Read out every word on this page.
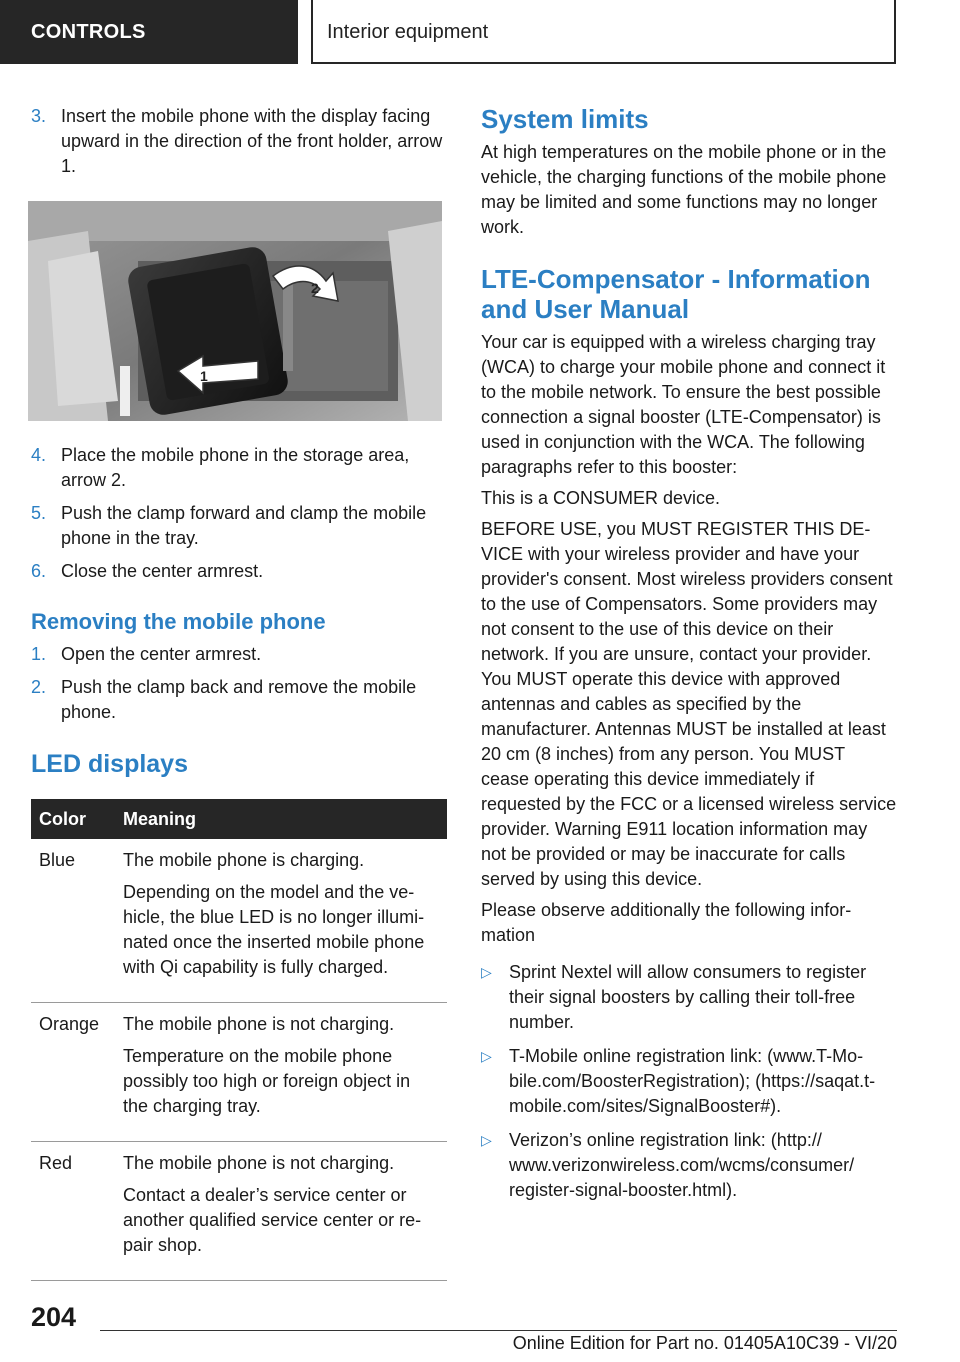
CONTROLS	Interior equipment
3. Insert the mobile phone with the display facing upward in the direction of the front holder, arrow 1.
1
2
4. Place the mobile phone in the storage area, arrow 2.
5. Push the clamp forward and clamp the mobile phone in the tray.
6. Close the center armrest.
Removing the mobile phone
1. Open the center armrest.
2. Push the clamp back and remove the mobile phone.
LED displays
Color	Meaning
Blue	The mobile phone is charging.

Depending on the model and the vehicle, the blue LED is no longer illuminated once the inserted mobile phone with Qi capability is fully charged.

Orange	The mobile phone is not charging.

Temperature on the mobile phone possibly too high or foreign object in the charging tray.

Red	The mobile phone is not charging.

Contact a dealer’s service center or another qualified service center or repair shop.

System limits

At high temperatures on the mobile phone or in the vehicle, the charging functions of the mobile phone may be limited and some functions may no longer work.

LTE-Compensator - Information and User Manual

Your car is equipped with a wireless charging tray (WCA) to charge your mobile phone and connect it to the mobile network. To ensure the best possible connection a signal booster (LTE-Compensator) is used in conjunction with the WCA. The following paragraphs refer to this booster:

This is a CONSUMER device.

BEFORE USE, you MUST REGISTER THIS DEVICE with your wireless provider and have your provider's consent. Most wireless providers consent to the use of Compensators. Some providers may not consent to the use of this device on their network. If you are unsure, contact your provider. You MUST operate this device with approved antennas and cables as specified by the manufacturer. Antennas MUST be installed at least 20 cm (8 inches) from any person. You MUST cease operating this device immediately if requested by the FCC or a licensed wireless service provider. Warning E911 location information may not be provided or may be inaccurate for calls served by using this device.

Please observe additionally the following information

▷ Sprint Nextel will allow consumers to register their signal boosters by calling their toll-free number.
▷ T-Mobile online registration link: (www.T-Mobile.com/BoosterRegistration); (https://saqat.t-mobile.com/sites/SignalBooster#).
▷ Verizon’s online registration link: (http://​www.verizonwireless.com/wcms/consumer/​register-signal-booster.html).
204
Online Edition for Part no. 01405A10C39 - VI/20
